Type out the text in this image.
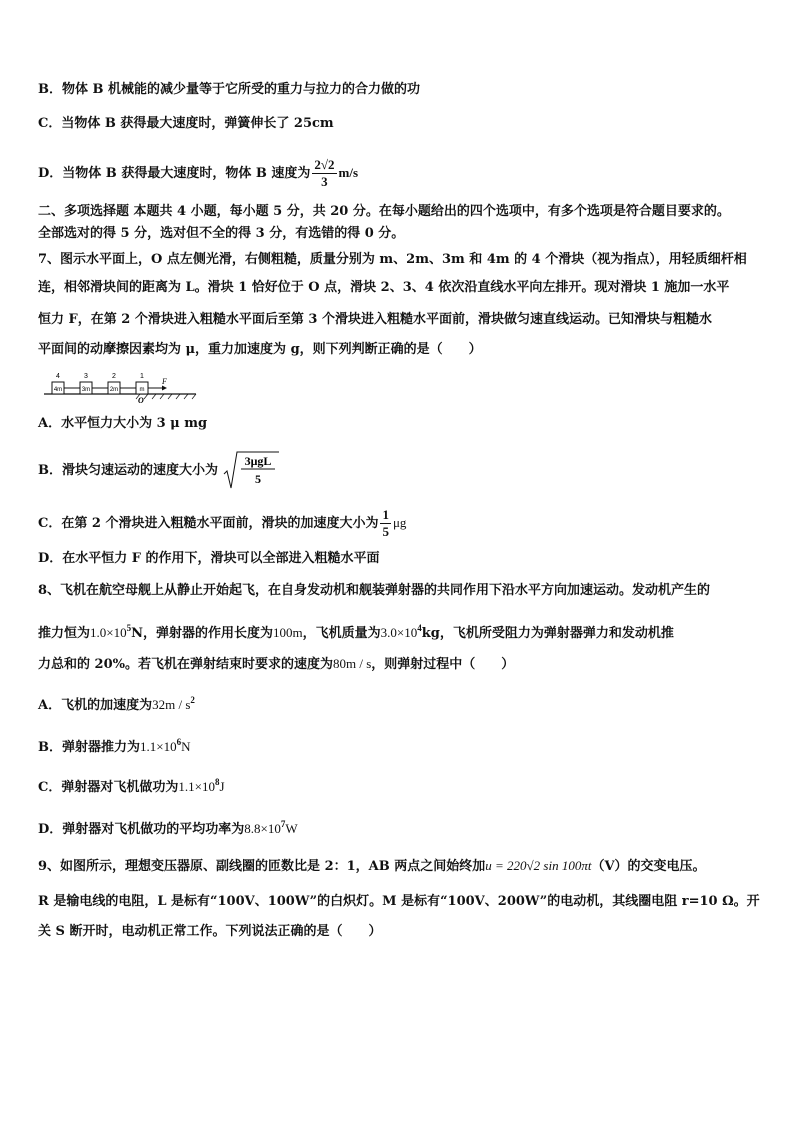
B．物体 B 机械能的减少量等于它所受的重力与拉力的合力做的功
C．当物体 B 获得最大速度时，弹簧伸长了 25cm
D．当物体 B 获得最大速度时，物体 B 速度为 $\frac{2√2}{3} m/s$
二、多项选择题 本题共 4 小题，每小题 5 分，共 20 分。在每小题给出的四个选项中，有多个选项是符合题目要求的。
全部选对的得 5 分，选对但不全的得 3 分，有选错的得 0 分。
7、图示水平面上，O 点左侧光滑，右侧粗糙，质量分别为 m、2m、3m 和 4m 的 4 个滑块（视为指点），用轻质细杆相
连，相邻滑块间的距离为 L。滑块 1 恰好位于 O 点，滑块 2、3、4 依次沿直线水平向左排开。现对滑块 1 施加一水平
恒力 F，在第 2 个滑块进入粗糙水平面后至第 3 个滑块进入粗糙水平面前，滑块做匀速直线运动。已知滑块与粗糙水
平面间的动摩擦因素均为 μ，重力加速度为 g，则下列判断正确的是（　　）
4m
4
3m
3
2m
2
m
1
F
O
A．水平恒力大小为 3 μ mg
B．滑块匀速运动的速度大小为
3μgL
5
C．在第 2 个滑块进入粗糙水平面前，滑块的加速度大小为 $\frac{1}{5}$ μg
D．在水平恒力 F 的作用下，滑块可以全部进入粗糙水平面
8、飞机在航空母舰上从静止开始起飞，在自身发动机和舰装弹射器的共同作用下沿水平方向加速运动。发动机产生的
推力恒为$1.0\times 10^5N$，弹射器的作用长度为100m，飞机质量为$3.0\times 10^4kg$，飞机所受阻力为弹射器弹力和发动机推
力总和的 20%。若飞机在弹射结束时要求的速度为80m / s，则弹射过程中（　　）
A．飞机的加速度为$32m / s^2$
B．弹射器推力为$1.1\times 10^6N$
C．弹射器对飞机做功为$1.1\times 10^8J$
D．弹射器对飞机做功的平均功率为$8.8\times 10^7W$
9、如图所示，理想变压器原、副线圈的匝数比是 2：1，AB 两点之间始终加u = 220√2 sin 100πt（V）的交变电压。
R 是输电线的电阻，L 是标有“100V、100W”的白炽灯。M 是标有“100V、200W”的电动机，其线圈电阻 r=10 Ω。开
关 S 断开时，电动机正常工作。下列说法正确的是（　　）
